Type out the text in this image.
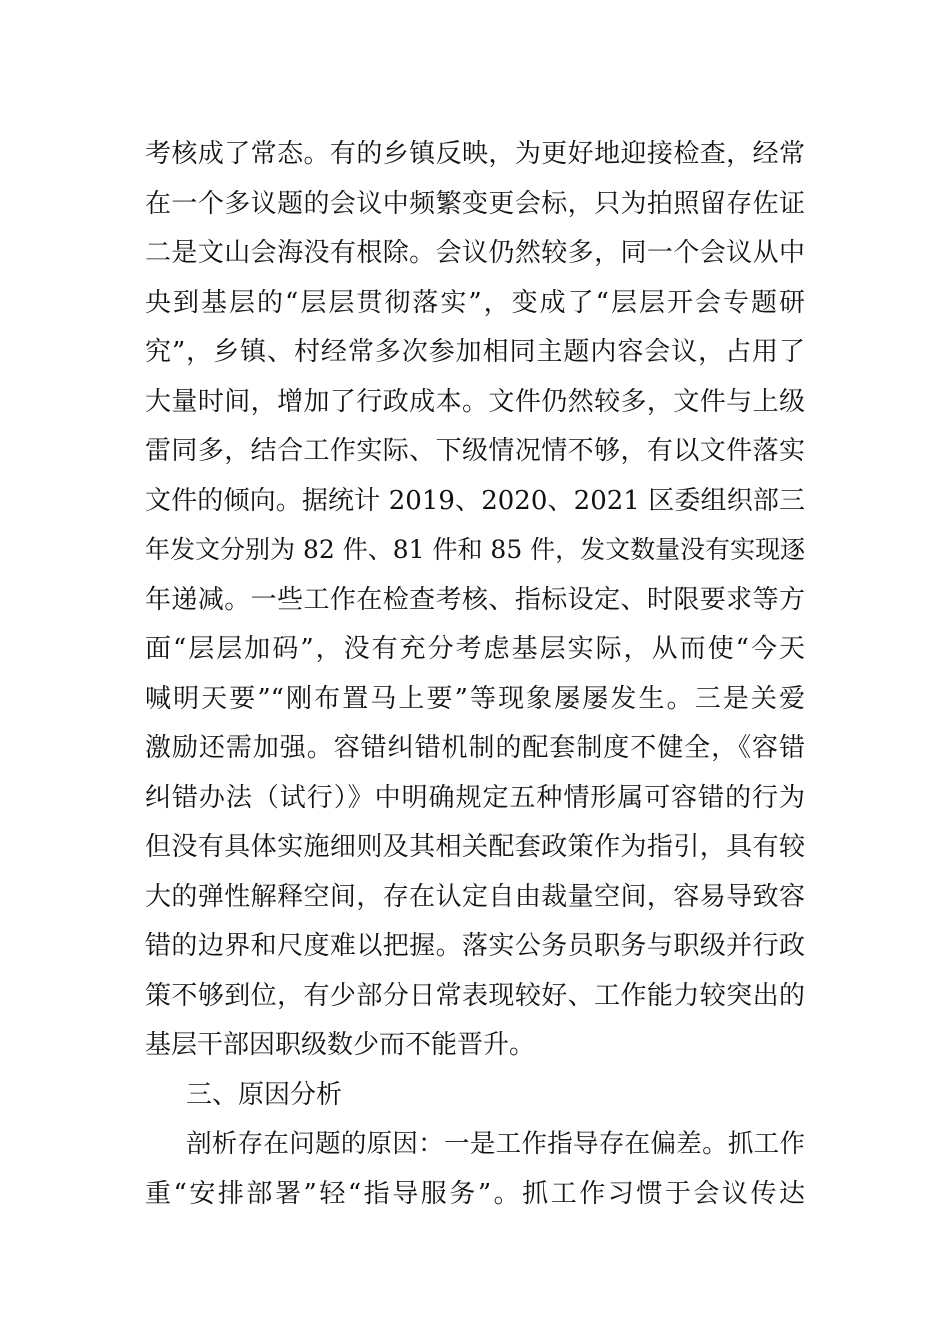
考核成了常态。有的乡镇反映，为更好地迎接检查，经常
在一个多议题的会议中频繁变更会标，只为拍照留存佐证
二是文山会海没有根除。会议仍然较多，同一个会议从中
央到基层的“层层贯彻落实”，变成了“层层开会专题研
究”，乡镇、村经常多次参加相同主题内容会议，占用了
大量时间，增加了行政成本。文件仍然较多，文件与上级
雷同多，结合工作实际、下级情况情不够，有以文件落实
文件的倾向。据统计 2019、2020、2021 区委组织部三
年发文分别为 82 件、81 件和 85 件，发文数量没有实现逐
年递减。一些工作在检查考核、指标设定、时限要求等方
面“层层加码”，没有充分考虑基层实际，从而使“今天
喊明天要”“刚布置马上要”等现象屡屡发生。三是关爱
激励还需加强。容错纠错机制的配套制度不健全，《容错
纠错办法（试行）》中明确规定五种情形属可容错的行为
但没有具体实施细则及其相关配套政策作为指引，具有较
大的弹性解释空间，存在认定自由裁量空间，容易导致容
错的边界和尺度难以把握。落实公务员职务与职级并行政
策不够到位，有少部分日常表现较好、工作能力较突出的
基层干部因职级数少而不能晋升。
三、原因分析
剖析存在问题的原因：一是工作指导存在偏差。抓工作
重“安排部署”轻“指导服务”。抓工作习惯于会议传达
